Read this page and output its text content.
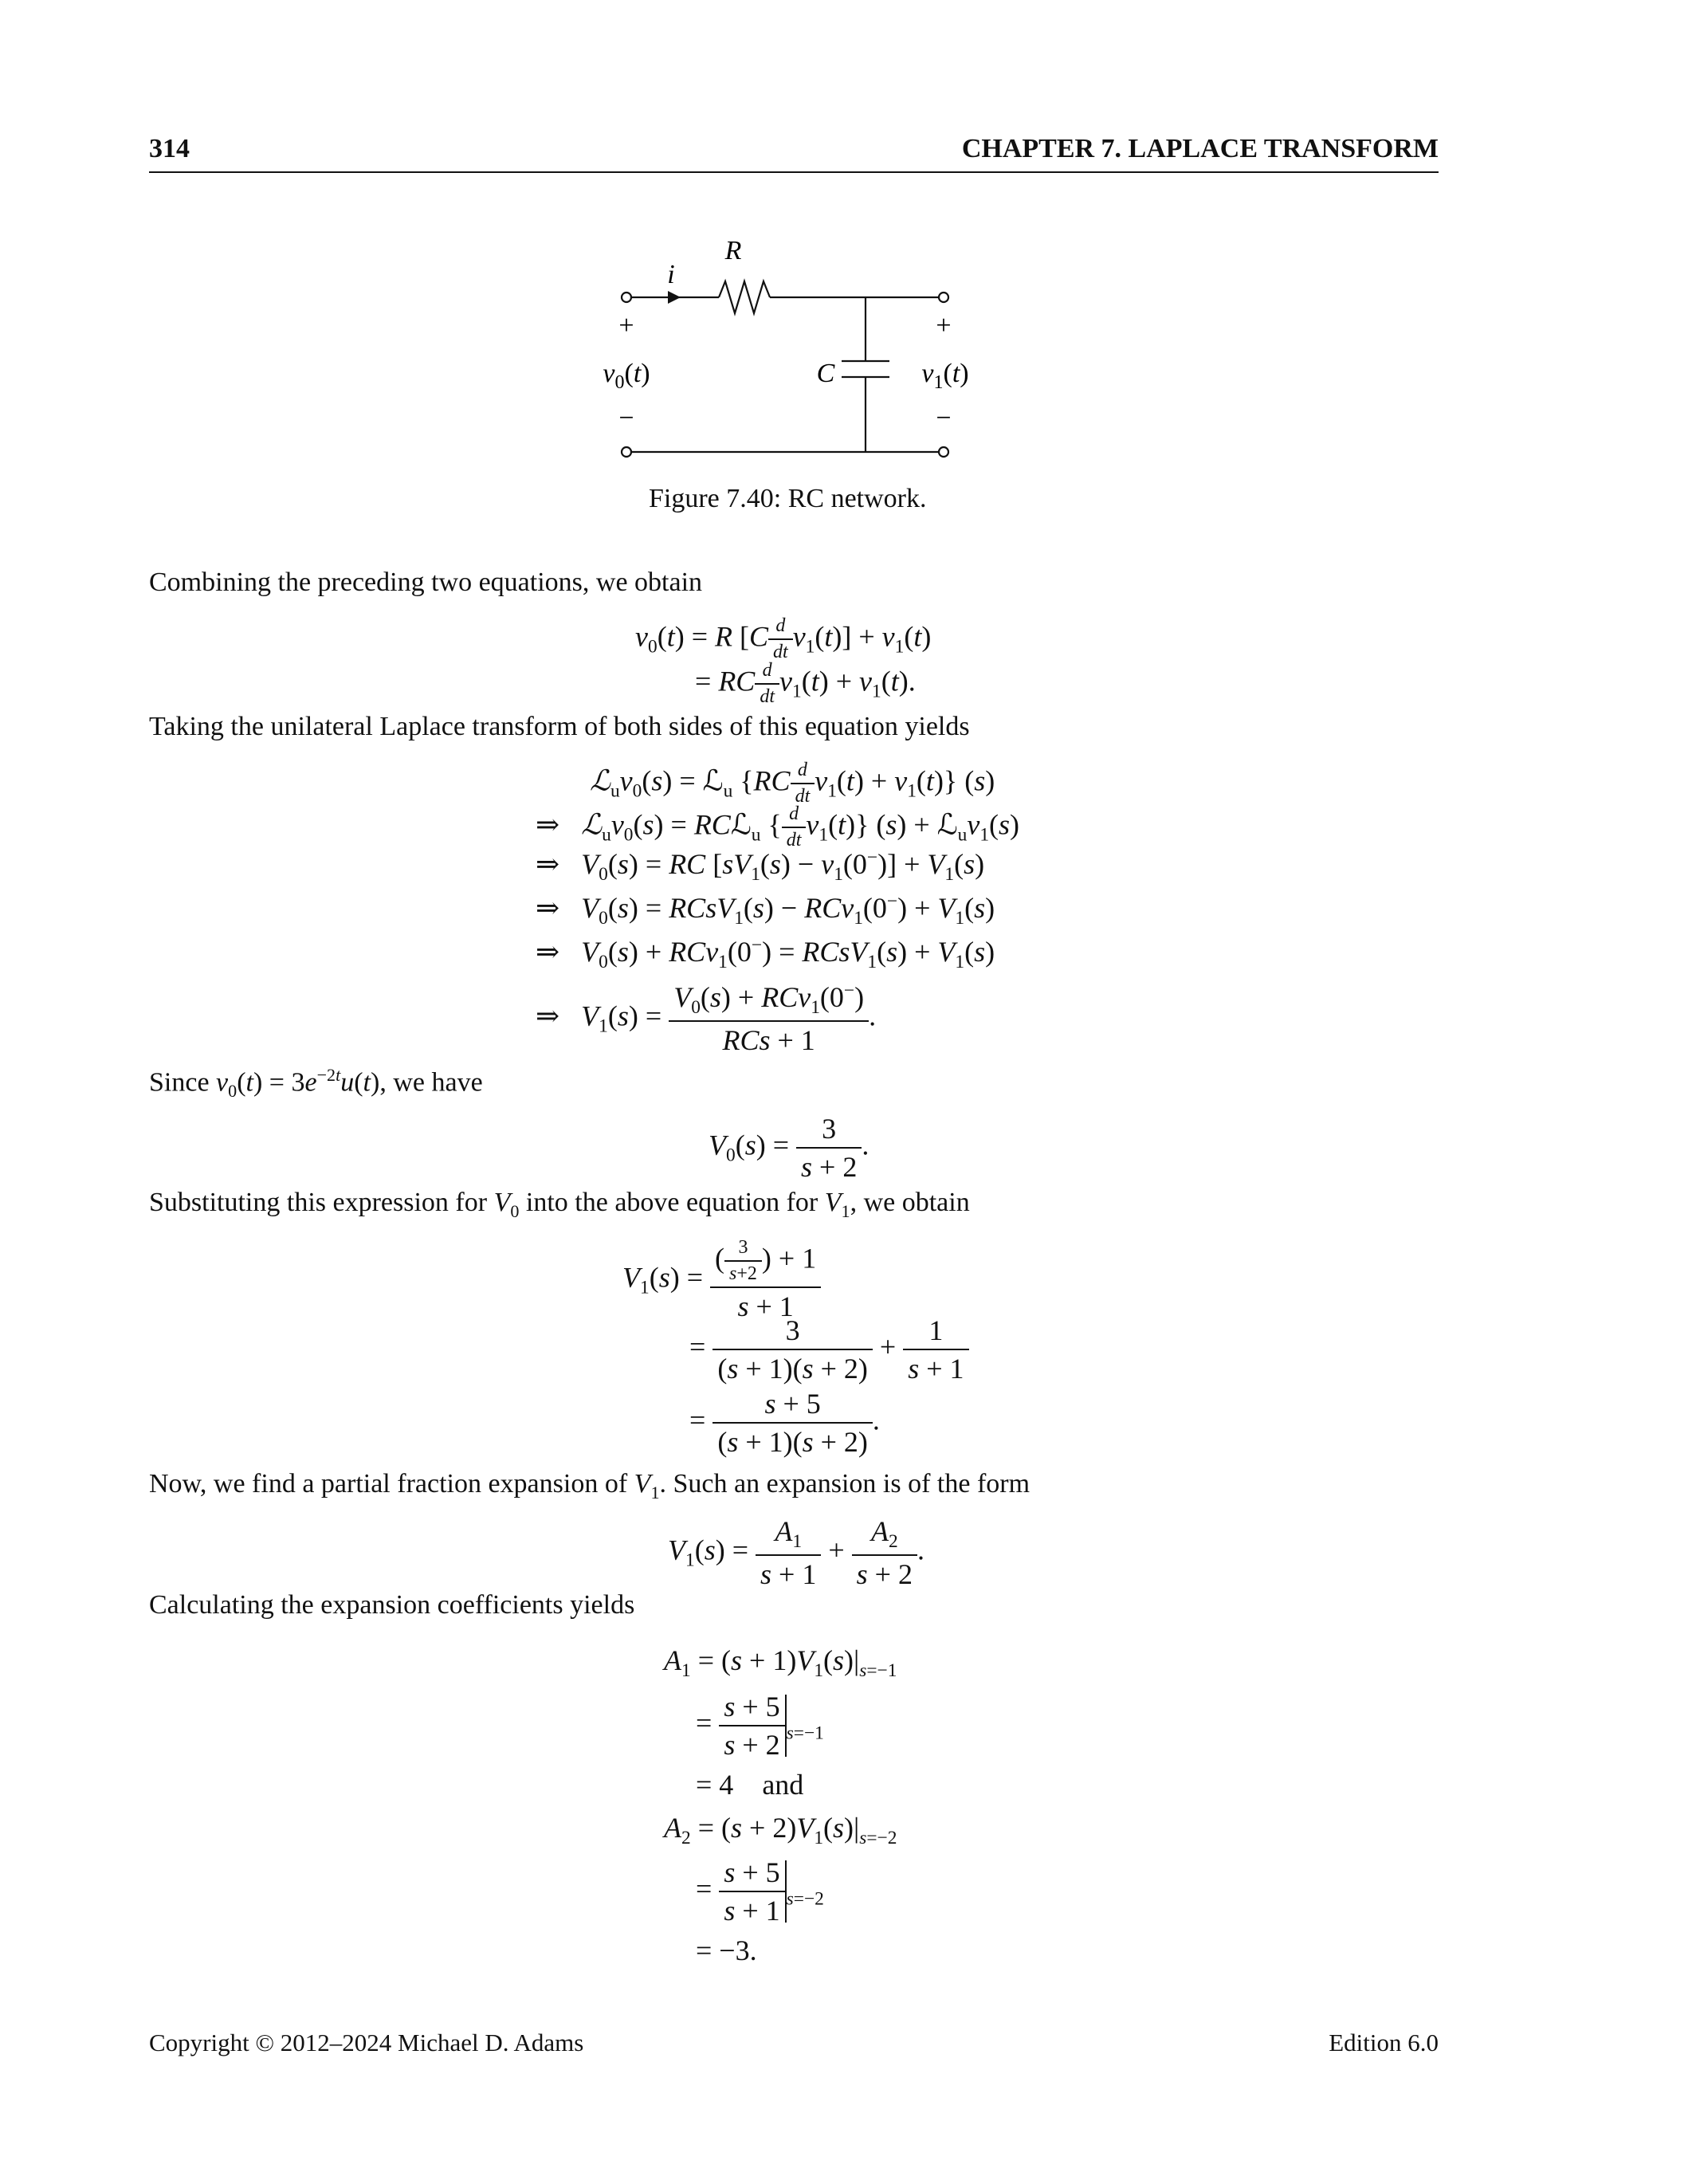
314	CHAPTER 7. LAPLACE TRANSFORM
R
i
+	+
$v_0(t)$	C	$v_1(t)$
−	−
Figure 7.40: RC network.
Combining the preceding two equations, we obtain
$v_0(t) = R$ $[C \frac{d}{dt} v_1(t)] + v_1(t)$
= RC $\frac{d}{dt} v_1(t) + v_1(t)$.
Taking the unilateral Laplace transform of both sides of this equation yields
$ℒ_uv_0(s)$ = ℒ$_u$ $\{RC \frac{d}{dt} v_1(t) + v_1(t)\}$ (s)
⇒   $ℒ_uv_0(s)$ = RCℒ$_u$ { $\frac{d}{dt} v_1(t)$} $(s) + ℒ_uv_1(s)$
⇒   $V_0(s)$ = RC $[sV_1(s) - v_1(0^-)] + V_1(s)$
⇒   $V_0(s)$ = RCsV$_1$(s) − $RCv_1(0^-) + V_1(s)$
⇒   $V_0(s) + RCv_1(0^-)$ = RCsV$_1$(s) + $V_1(s)$
⇒   $V_1(s) = \frac{V_0(s) + RCv_1(0^-)}{\text{RCs + 1}}$ .
Since $v_0(t) = 3e^{-2t}u(t)$, we have
$V_0(s) = \frac{3}{s + 2}$ .
Substituting this expression for $V_0$ into the above equation for $V_1$, we obtain
$V_1(s) = \frac{( \frac{3}{s+2} ) + 1}{s + 1}$
= $\frac{3}{(s + 1)(s + 2)} + \frac{1}{s + 1}$
= $\frac{s + 5}{(s + 1)(s + 2)}$ .
Now, we find a partial fraction expansion of $V_1$. Such an expansion is of the form
$V_1(s) = \frac{A_1}{s + 1} + \frac{A_2}{s + 2}$ .
Calculating the expansion coefficients yields
$A_1 = (s + 1)V_1(s)|_{s=-1}$
= $\frac{s + 5}{s + 2} _{s=-1}$
= 4 and
$A_2 = (s + 2)V_1(s)|_{s=-2}$
= $\frac{s + 5}{s + 1} _{s=-2}$
= −3.
Copyright © 2012–2024 Michael D. Adams	Edition 6.0
